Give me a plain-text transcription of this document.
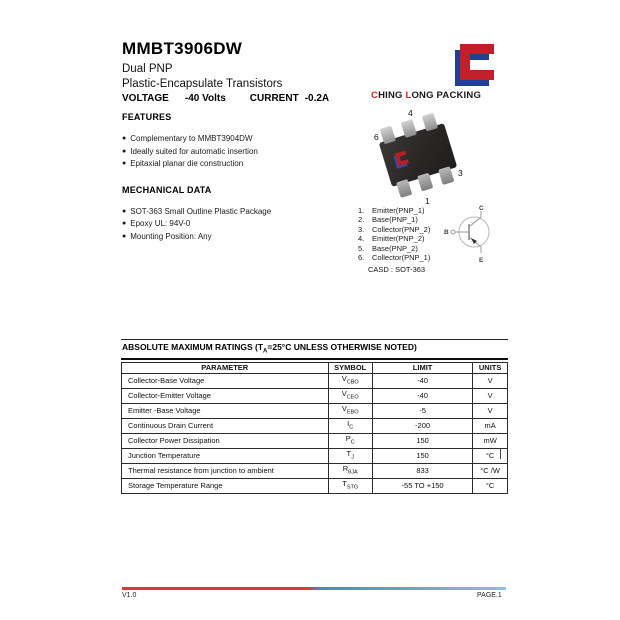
MMBT3906DW
Dual PNP
Plastic-Encapsulate Transistors
VOLTAGE -40 Volts CURRENT -0.2A	CHING LONG PACKING
FEATURES
● Complementary to MMBT3904DW
● Ideally suited for automatic insertion
● Epitaxial planar die construction
MECHANICAL DATA
● SOT-363 Small Outline Plastic Package
● Epoxy UL: 94V-0
● Mounting Position: Any
4
6
3
1
1. Emitter(PNP_1)
2. Base(PNP_1)
3. Collector(PNP_2)
4. Emitter(PNP_2)
5. Base(PNP_2)
6. Collector(PNP_1)
CASD : SOT-363
C
B
E
ABSOLUTE MAXIMUM RATINGS ($T_A=25^\circ C$ UNLESS OTHERWISE NOTED)
PARAMETER	SYMBOL	LIMIT	UNITS
Collector-Base Voltage	$V_{CBO}$	-40	V
Collector-Emitter Voltage	$V_{CEO}$	-40	V
Emitter -Base Voltage	$V_{EBO}$	-5	V
Continuous Drain Current	$I_C$	-200	mA
Collector Power Dissipation	$P_C$	150	mW
Junction Temperature	$T_J$	150	°C
Thermal resistance from junction to ambient	$R_{\theta JA}$	833	°C /W
Storage Temperature Range	$T_{STG}$	-55 TO +150	°C
V1.0	PAGE.1
